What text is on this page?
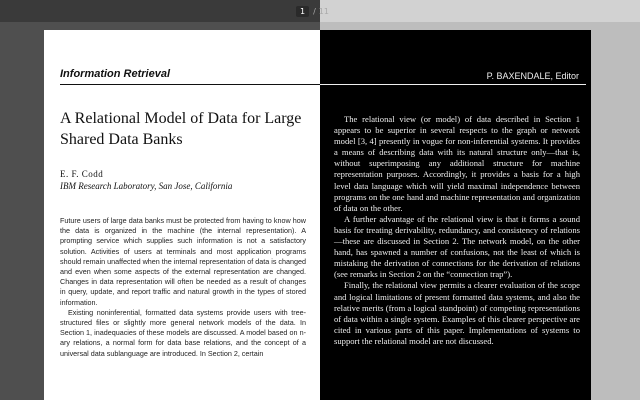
1	/ 11
Information Retrieval	P. BAXENDALE, Editor
A Relational Model of Data for Large Shared Data Banks
E. F. Codd
IBM Research Laboratory, San Jose, California

Future users of large data banks must be protected from having to know how the data is organized in the machine (the internal representation). A prompting service which supplies such information is not a satisfactory solution. Activities of users at terminals and most application programs should remain unaffected when the internal representation of data is changed and even when some aspects of the external representation are changed. Changes in data representation will often be needed as a result of changes in query, update, and report traffic and natural growth in the types of stored information.

Existing noninferential, formatted data systems provide users with tree-structured files or slightly more general network models of the data. In Section 1, inadequacies of these models are discussed. A model based on n-ary relations, a normal form for data base relations, and the concept of a universal data sublanguage are introduced. In Section 2, certain

The relational view (or model) of data described in Section 1 appears to be superior in several respects to the graph or network model [3, 4] presently in vogue for non-inferential systems. It provides a means of describing data with its natural structure only—that is, without superimposing any additional structure for machine representation purposes. Accordingly, it provides a basis for a high level data language which will yield maximal independence between programs on the one hand and machine representation and organization of data on the other.

A further advantage of the relational view is that it forms a sound basis for treating derivability, redundancy, and consistency of relations—these are discussed in Section 2. The network model, on the other hand, has spawned a number of confusions, not the least of which is mistaking the derivation of connections for the derivation of relations (see remarks in Section 2 on the “connection trap”).

Finally, the relational view permits a clearer evaluation of the scope and logical limitations of present formatted data systems, and also the relative merits (from a logical standpoint) of competing representations of data within a single system. Examples of this clearer perspective are cited in various parts of this paper. Implementations of systems to support the relational model are not discussed.
